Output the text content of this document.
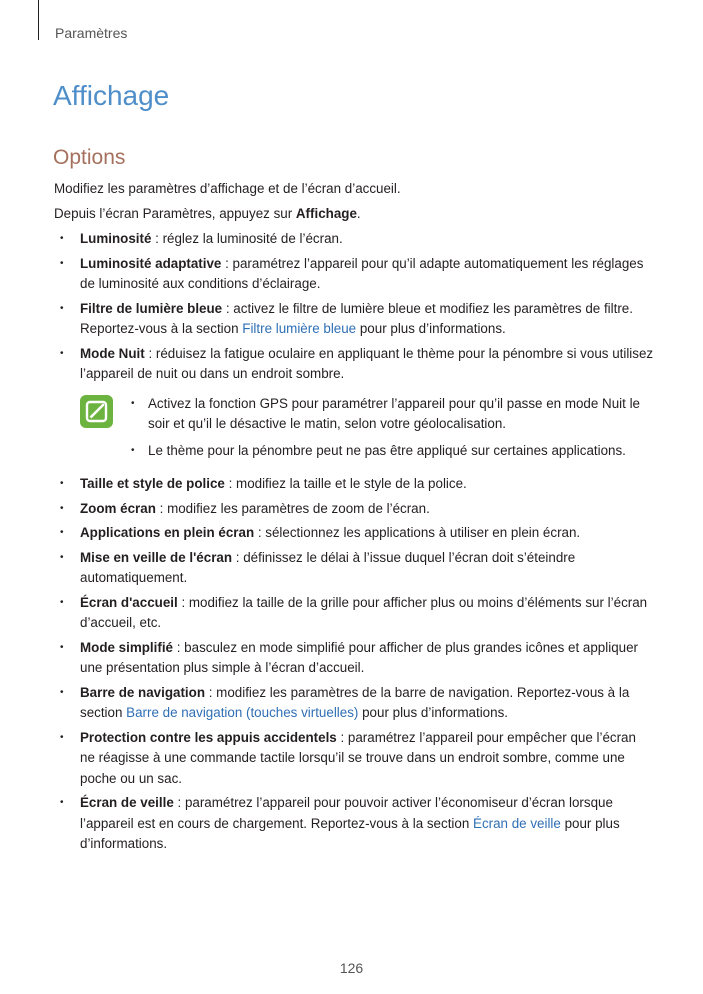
Paramètres
Affichage
Options

Modifiez les paramètres d’affichage et de l’écran d’accueil.

Depuis l’écran Paramètres, appuyez sur Affichage.

• Luminosité : réglez la luminosité de l’écran.
• Luminosité adaptative : paramétrez l’appareil pour qu’il adapte automatiquement les réglages de luminosité aux conditions d’éclairage.
• Filtre de lumière bleue : activez le filtre de lumière bleue et modifiez les paramètres de filtre. Reportez-vous à la section Filtre lumière bleue pour plus d’informations.
• Mode Nuit : réduisez la fatigue oculaire en appliquant le thème pour la pénombre si vous utilisez l’appareil de nuit ou dans un endroit sombre.
• Activez la fonction GPS pour paramétrer l’appareil pour qu’il passe en mode Nuit le soir et qu’il le désactive le matin, selon votre géolocalisation.
• Le thème pour la pénombre peut ne pas être appliqué sur certaines applications.
• Taille et style de police : modifiez la taille et le style de la police.
• Zoom écran : modifiez les paramètres de zoom de l’écran.
• Applications en plein écran : sélectionnez les applications à utiliser en plein écran.
• Mise en veille de l'écran : définissez le délai à l’issue duquel l’écran doit s’éteindre automatiquement.
• Écran d'accueil : modifiez la taille de la grille pour afficher plus ou moins d’éléments sur l’écran d’accueil, etc.
• Mode simplifié : basculez en mode simplifié pour afficher de plus grandes icônes et appliquer une présentation plus simple à l’écran d’accueil.
• Barre de navigation : modifiez les paramètres de la barre de navigation. Reportez-vous à la section Barre de navigation (touches virtuelles) pour plus d’informations.
• Protection contre les appuis accidentels : paramétrez l’appareil pour empêcher que l’écran ne réagisse à une commande tactile lorsqu’il se trouve dans un endroit sombre, comme une poche ou un sac.
• Écran de veille : paramétrez l’appareil pour pouvoir activer l’économiseur d’écran lorsque l’appareil est en cours de chargement. Reportez-vous à la section Écran de veille pour plus d’informations.
126
